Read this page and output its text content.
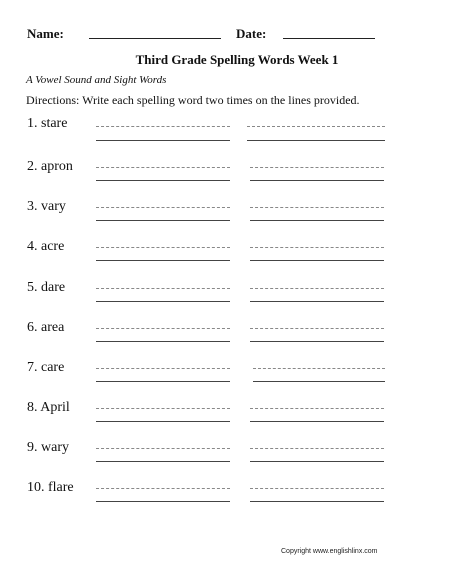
Name:	Date:
Third Grade Spelling Words Week 1
A Vowel Sound and Sight Words
Directions: Write each spelling word two times on the lines provided.
1. stare
2. apron
3. vary
4. acre
5. dare
6. area
7. care
8. April
9. wary
10. flare
Copyright www.englishlinx.com
